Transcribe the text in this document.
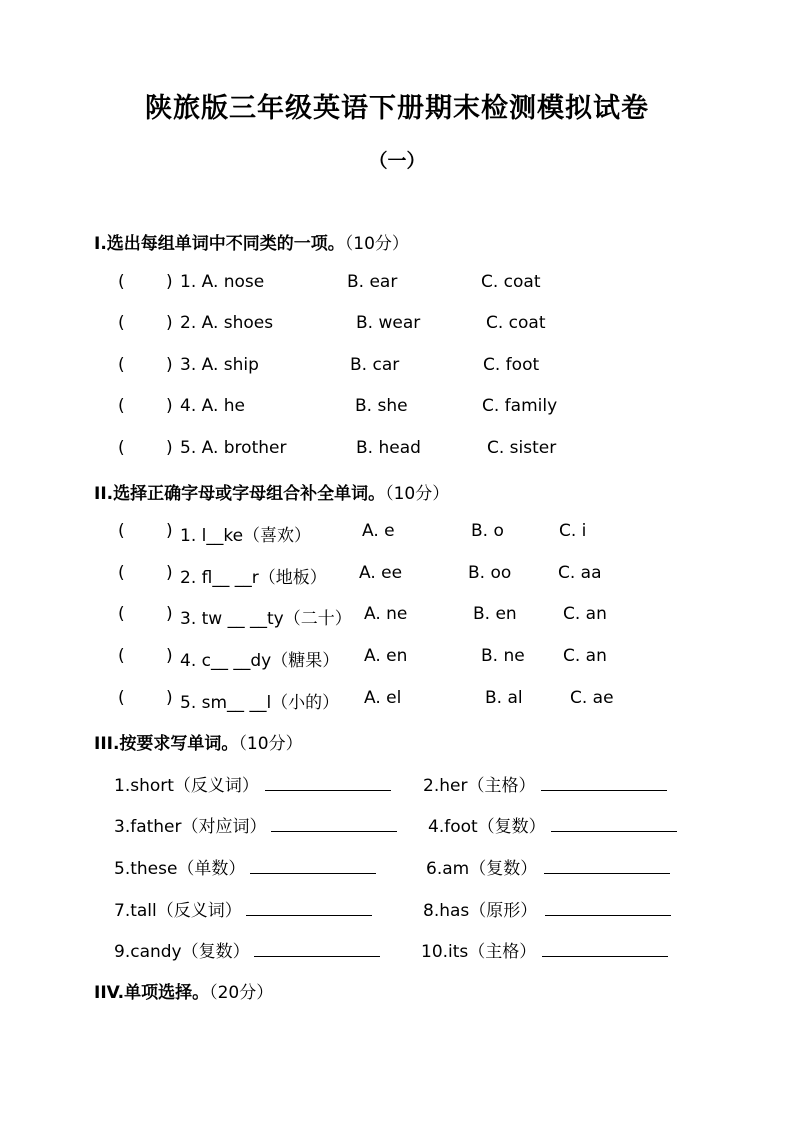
陕旅版三年级英语下册期末检测模拟试卷
（一）
I.选出每组单词中不同类的一项。（10分）
( ) 1. A. nose	B. ear	C. coat
( ) 2. A. shoes	B. wear	C. coat
( ) 3. A. ship	B. car	C. foot
( ) 4. A. he	B. she	C. family
( ) 5. A. brother	B. head	C. sister
II.选择正确字母或字母组合补全单词。（10分）
( ) 1. l__ke（喜欢）	A. e	B. o	C. i
( ) 2. fl__ __r（地板） A. ee	B. oo	C. aa
( ) 3. tw __ __ty（二十） A. ne	B. en	C. an
( ) 4. c__ __dy（糖果） A. en	B. ne C. an
( ) 5. sm__ __l（小的） A. el	B. al	C. ae
III.按要求写单词。（10分）
1.short（反义词）	2.her（主格）
3.father（对应词）	4.foot（复数）
5.these（单数）	6.am（复数）
7.tall（反义词）	8.has（原形）
9.candy（复数）	10.its（主格）
IIV.单项选择。（20分）
